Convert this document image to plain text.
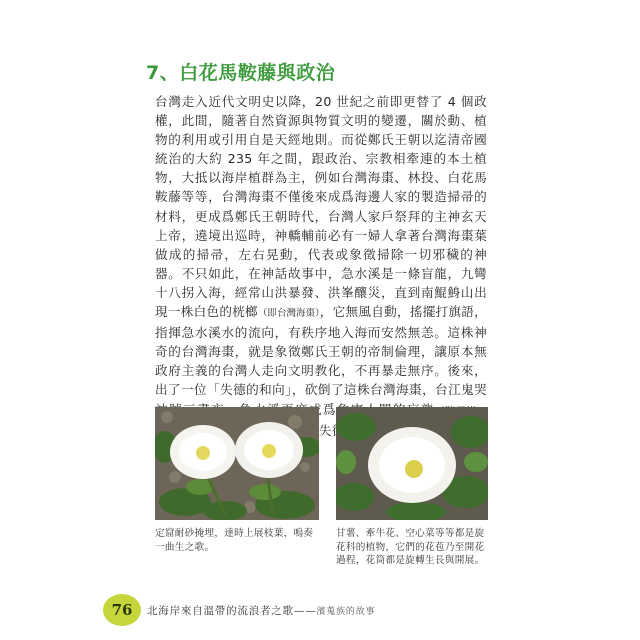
7、白花馬鞍藤與政治

台灣走入近代文明史以降，20 世紀之前即更替了 4 個政權，此間，隨著自然資源與物質文明的變遷，關於動、植物的利用或引用自是天經地則。而從鄭氏王朝以迄清帝國統治的大約 235 年之間，跟政治、宗教相牽連的本土植物，大抵以海岸植群為主，例如台灣海棗、林投、白花馬鞍藤等等，台灣海棗不僅後來成爲海邊人家的製造掃帚的材料，更成爲鄭氏王朝時代，台灣人家戶祭拜的主神玄天上帝，遶境出巡時，神轎輔前必有一婦人拿著台灣海棗葉做成的掃帚，左右晃動，代表或象徵掃除一切邪穢的神器。不只如此，在神話故事中，急水溪是一條盲龍，九彎十八拐入海，經常山洪暴發、洪峯釀災，直到南鯤鯓山出現一株白色的桄榔（即台灣海棗），它無風自動，搖擺打旗語，指揮急水溪水的流向，有秩序地入海而安然無恙。這株神奇的台灣海棗，就是象徵鄭氏王朝的帝制倫理，讓原本無政府主義的台灣人走向文明教化，不再暴走無序。後來，出了一位「失德的和向」，砍倒了這株台灣海棗，台江鬼哭 成爲

定窟耐砂掩埋，達時上展枝葉，鳴奏一曲生之歌。

甘薯、牽牛花、空心菜等等都是旋花科的植物，它們的花苞乃至開花過程，花筒都是旋轉生長與開展。

76 北海岸來自溫帶的流浪者之歌——濱蒐族的故事
